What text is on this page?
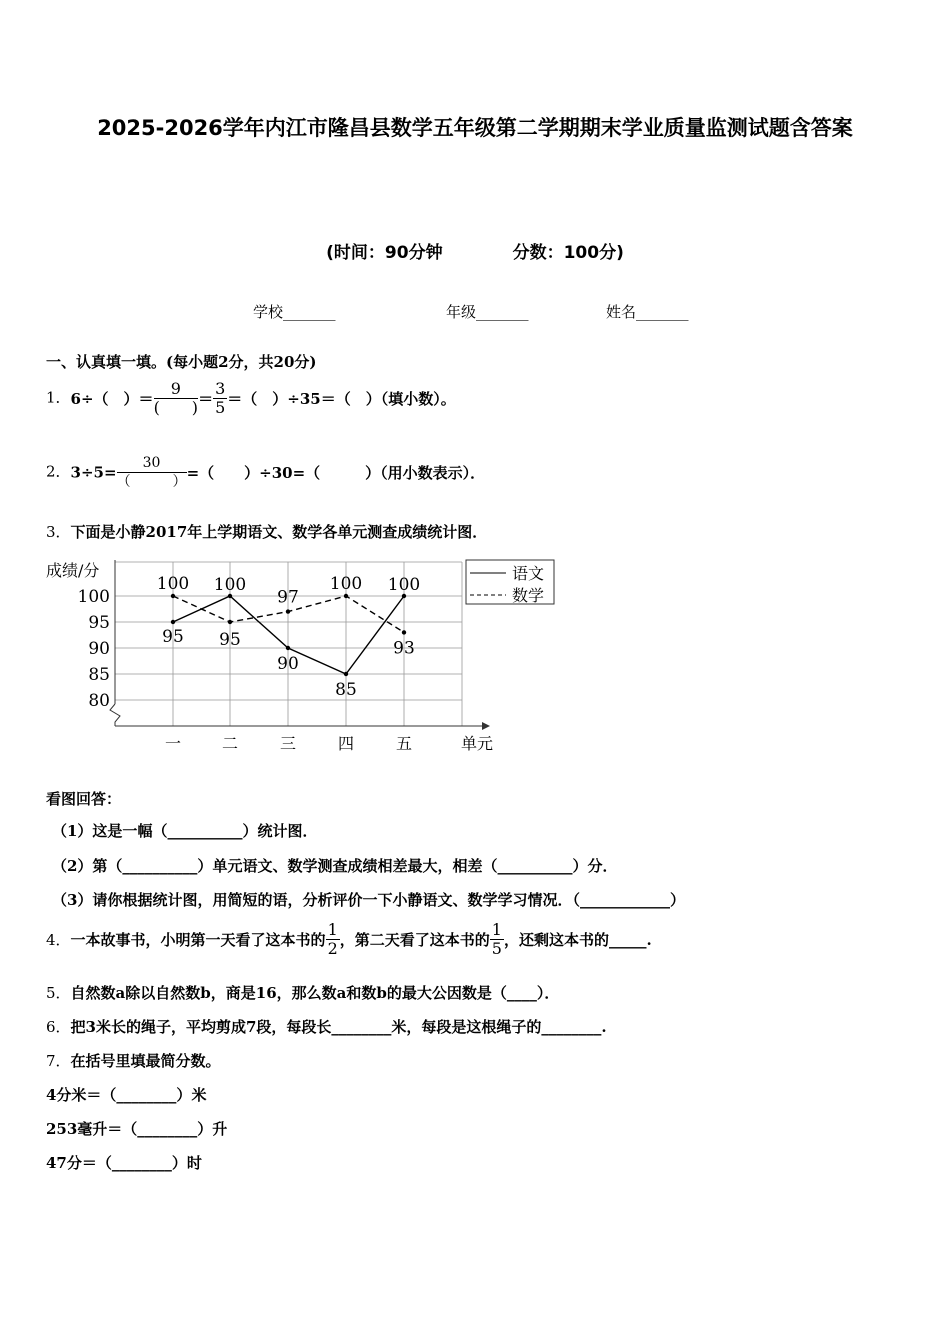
2025-2026学年内江市隆昌县数学五年级第二学期期末学业质量监测试题含答案
(时间：90分钟	分数：100分)
学校_______	年级_______	姓名_______
一、认真填一填。(每小题2分，共20分)
1．6÷（　）＝ $\frac{9}{( )} = \frac{3}{5}$ ＝（　）÷35＝（　）（填小数）。
2．$3\div 5= \frac{30}{( )}$ =（　　）÷30=（　　　）（用小数表示）．
3．下面是小静2017年上学期语文、数学各单元测查成绩统计图．
100
95
90
85
80
一	二	三	四	五
95
100
90
85
100
100
95
97
100
93
语文
数学
成绩/分
单元
看图回答：
（1）这是一幅（__________）统计图．
（2）第（__________）单元语文、数学测查成绩相差最大，相差（__________）分．
（3）请你根据统计图，用简短的语，分析评价一下小静语文、数学学习情况．（____________）
4．一本故事书，小明第一天看了这本书的 $\frac{1}{2}$ ，第二天看了这本书的 $\frac{1}{5}$ ，还剩这本书的_____.
5．自然数a除以自然数b，商是16，那么数a和数b的最大公因数是（____）．
6．把3米长的绳子，平均剪成7段，每段长________米，每段是这根绳子的________.
7．在括号里填最简分数。
4分米＝（________）米
253毫升＝（________）升
47分＝（________）时
